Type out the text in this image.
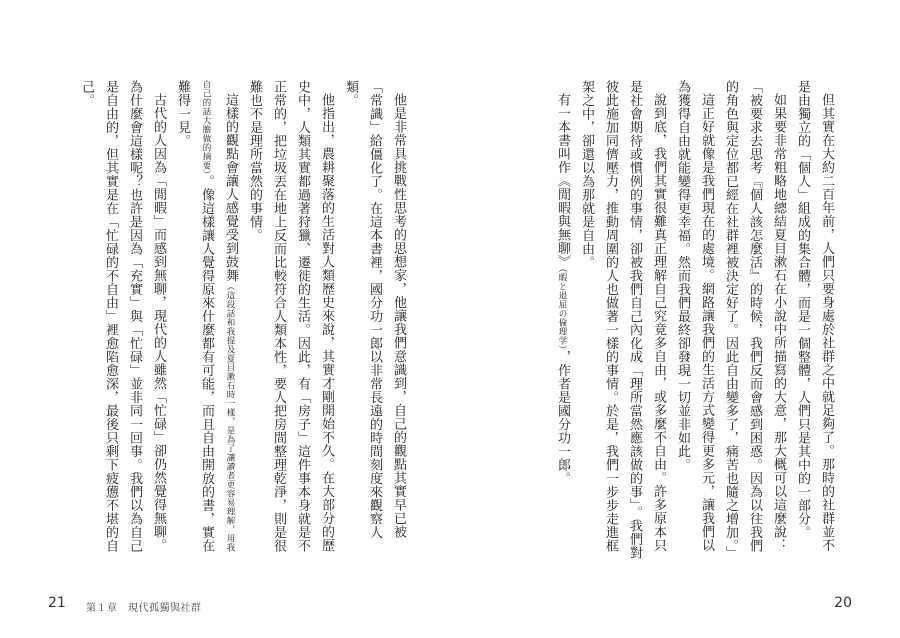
他是非常具挑戰性思考的思想家，他讓我們意識到，自己的觀點其實早已被「常識」給僵化了。在這本書裡，國分功一郎以非常長遠的時間刻度來觀察人類。

他指出，農耕聚落的生活對人類歷史來說，其實才剛開始不久。在大部分的歷史中，人類其實都過著狩獵、遷徙的生活。因此，有「房子」這件事本身就是不正常的，把垃圾丟在地上反而比較符合人類本性，要人把房間整理乾淨，則是很難也不是理所當然的事情。

這樣的觀點會讓人感覺受到鼓舞（這段話和我提及夏目漱石時一樣，是為了讓讀者更容易理解，用我自己的話大膽做的摘要）。像這樣讓人覺得原來什麼都有可能，而且自由開放的書，實在難得一見。

古代的人因為「閒暇」而感到無聊，現代的人雖然「忙碌」卻仍然覺得無聊。為什麼會這樣呢？也許是因為「充實」與「忙碌」並非同一回事。我們以為自己是自由的，但其實是在「忙碌的不自由」裡愈陷愈深，最後只剩下疲憊不堪的自己。

21 第１章　現代孤獨與社群

但其實在大約二百年前，人們只要身處於社群之中就足夠了。那時的社群並不是由獨立的「個人」組成的集合體，而是一個整體，人們只是其中的一部分。

如果要非常粗略地總結夏目漱石在小說中所描寫的大意，那大概可以這麼說：「被要求去思考『個人該怎麼活』的時候，我們反而會感到困惑。因為以往我們的角色與定位都已經在社群裡被決定好了。因此自由變多了，痛苦也隨之增加。」

這正好就像是我們現在的處境。網路讓我們的生活方式變得更多元，讓我們以為獲得自由就能變得更幸福。然而我們最終卻發現一切並非如此。

說到底，我們其實很難真正理解自己究竟多自由，或多麼不自由。許多原本只是社會期待或慣例的事情，卻被我們自己內化成「理所當然應該做的事」。我們對彼此施加同儕壓力，推動周圍的人也做著一樣的事情。於是，我們一步步走進框架之中，卻還以為那就是自由。

有一本書叫作《閒暇與無聊》（暇と退屈の倫理学），作者是國分功一郎。

20
